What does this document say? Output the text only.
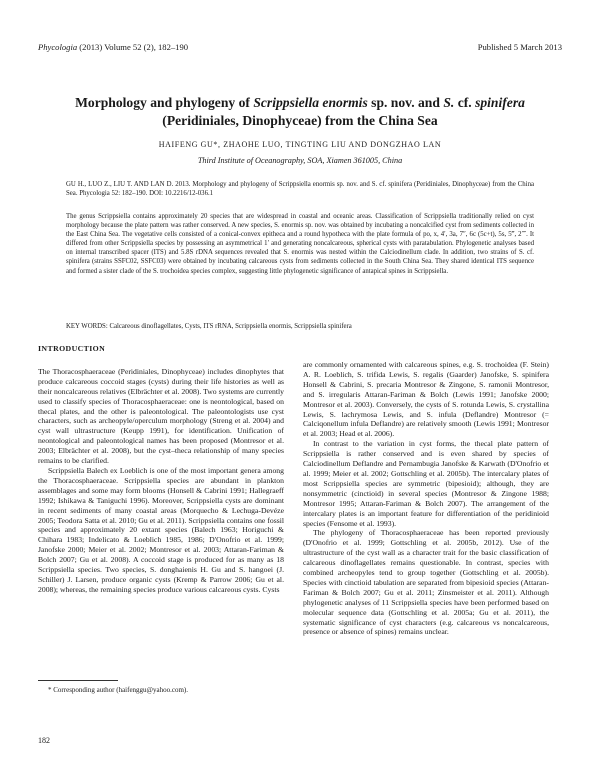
Phycologia (2013) Volume 52 (2), 182–190	Published 5 March 2013
Morphology and phylogeny of Scrippsiella enormis sp. nov. and S. cf. spinifera
(Peridiniales, Dinophyceae) from the China Sea
HAIFENG GU*, ZHAOHE LUO, TINGTING LIU AND DONGZHAO LAN
Third Institute of Oceanography, SOA, Xiamen 361005, China
GU H., LUO Z., LIU T. AND LAN D. 2013. Morphology and phylogeny of Scrippsiella enormis sp. nov. and S. cf. spinifera (Peridiniales, Dinophyceae) from the China Sea. Phycologia 52: 182–190. DOI: 10.2216/12-036.1
The genus Scrippsiella contains approximately 20 species that are widespread in coastal and oceanic areas. Classification of Scrippsiella traditionally relied on cyst morphology because the plate pattern was rather conserved. A new species, S. enormis sp. nov. was obtained by incubating a noncalcified cyst from sediments collected in the East China Sea. The vegetative cells consisted of a conical-convex epitheca and a round hypotheca with the plate formula of po, x, 4′, 3a, 7″, 6c (5c+t), 5s, 5‴, 2⁗. It differed from other Scrippsiella species by possessing an asymmetrical 1′ and generating noncalcareous, spherical cysts with paratabulation. Phylogenetic analyses based on internal transcribed spacer (ITS) and 5.8S rDNA sequences revealed that S. enormis was nested within the Calciodinellum clade. In addition, two strains of S. cf. spinifera (strains SSFC02, SSFC03) were obtained by incubating calcareous cysts from sediments collected in the South China Sea. They shared identical ITS sequence and formed a sister clade of the S. trochoidea species complex, suggesting little phylogenetic significance of antapical spines in Scrippsiella.
KEY WORDS: Calcareous dinoflagellates, Cysts, ITS rRNA, Scrippsiella enormis, Scrippsiella spinifera
INTRODUCTION

The Thoracosphaeraceae (Peridiniales, Dinophyceae) includes dinophytes that produce calcareous coccoid stages (cysts) during their life histories as well as their noncalcareous relatives (Elbrächter et al. 2008). Two systems are currently used to classify species of Thoracosphaeraceae: one is neontological, based on thecal plates, and the other is paleontological. The paleontologists use cyst characters, such as archeopyle/operculum morphology (Streng et al. 2004) and cyst wall ultrastructure (Keupp 1991), for identification. Unification of neontological and paleontological names has been proposed (Montresor et al. 2003; Elbrächter et al. 2008), but the cyst–theca relationship of many species remains to be clarified.

Scrippsiella Balech ex Loeblich is one of the most important genera among the Thoracosphaeraceae. Scrippsiella species are abundant in plankton assemblages and some may form blooms (Honsell & Cabrini 1991; Hallegraeff 1992; Ishikawa & Taniguchi 1996). Moreover, Scrippsiella cysts are dominant in recent sediments of many coastal areas (Morquecho & Lechuga-Devéze 2005; Teodora Satta et al. 2010; Gu et al. 2011). Scrippsiella contains one fossil species and approximately 20 extant species (Balech 1963; Horiguchi & Chihara 1983; Indelicato & Loeblich 1985, 1986; D'Onofrio et al. 1999; Janofske 2000; Meier et al. 2002; Montresor et al. 2003; Attaran-Fariman & Bolch 2007; Gu et al. 2008). A coccoid stage is produced for as many as 18 Scrippsiella species. Two species, S. donghaienis H. Gu and S. hangoei (J. Schiller) J. Larsen, produce organic cysts (Kremp & Parrow 2006; Gu et al. 2008); whereas, the remaining species produce various calcareous cysts. Cysts

are commonly ornamented with calcareous spines, e.g. S. trochoidea (F. Stein) A. R. Loeblich, S. trifida Lewis, S. regalis (Gaarder) Janofske, S. spinifera Honsell & Cabrini, S. precaria Montresor & Zingone, S. ramonii Montresor, and S. irregularis Attaran-Fariman & Bolch (Lewis 1991; Janofske 2000; Montresor et al. 2003). Conversely, the cysts of S. rotunda Lewis, S. crystallina Lewis, S. lachrymosa Lewis, and S. infula (Deflandre) Montresor (= Calciqonellum infula Deflandre) are relatively smooth (Lewis 1991; Montresor et al. 2003; Head et al. 2006).

In contrast to the variation in cyst forms, the thecal plate pattern of Scrippsiella is rather conserved and is even shared by species of Calciodinellum Deflandre and Pernambugia Janofske & Karwath (D'Onofrio et al. 1999; Meier et al. 2002; Gottschling et al. 2005b). The intercalary plates of most Scrippsiella species are symmetric (bipesioid); although, they are nonsymmetric (cinctioid) in several species (Montresor & Zingone 1988; Montresor 1995; Attaran-Fariman & Bolch 2007). The arrangement of the intercalary plates is an important feature for differentiation of the peridinioid species (Fensome et al. 1993).

The phylogeny of Thoracosphaeraceae has been reported previously (D'Onofrio et al. 1999; Gottschling et al. 2005b, 2012). Use of the ultrastructure of the cyst wall as a character trait for the basic classification of calcareous dinoflagellates remains questionable. In contrast, species with combined archeopyles tend to group together (Gottschling et al. 2005b). Species with cinctioid tabulation are separated from bipesioid species (Attaran-Fariman & Bolch 2007; Gu et al. 2011; Zinsmeister et al. 2011). Although phylogenetic analyses of 11 Scrippsiella species have been performed based on molecular sequence data (Gottschling et al. 2005a; Gu et al. 2011), the systematic significance of cyst characters (e.g. calcareous vs noncalcareous, presence or absence of spines) remains unclear.

* Corresponding author (haifenggu@yahoo.com).
182
